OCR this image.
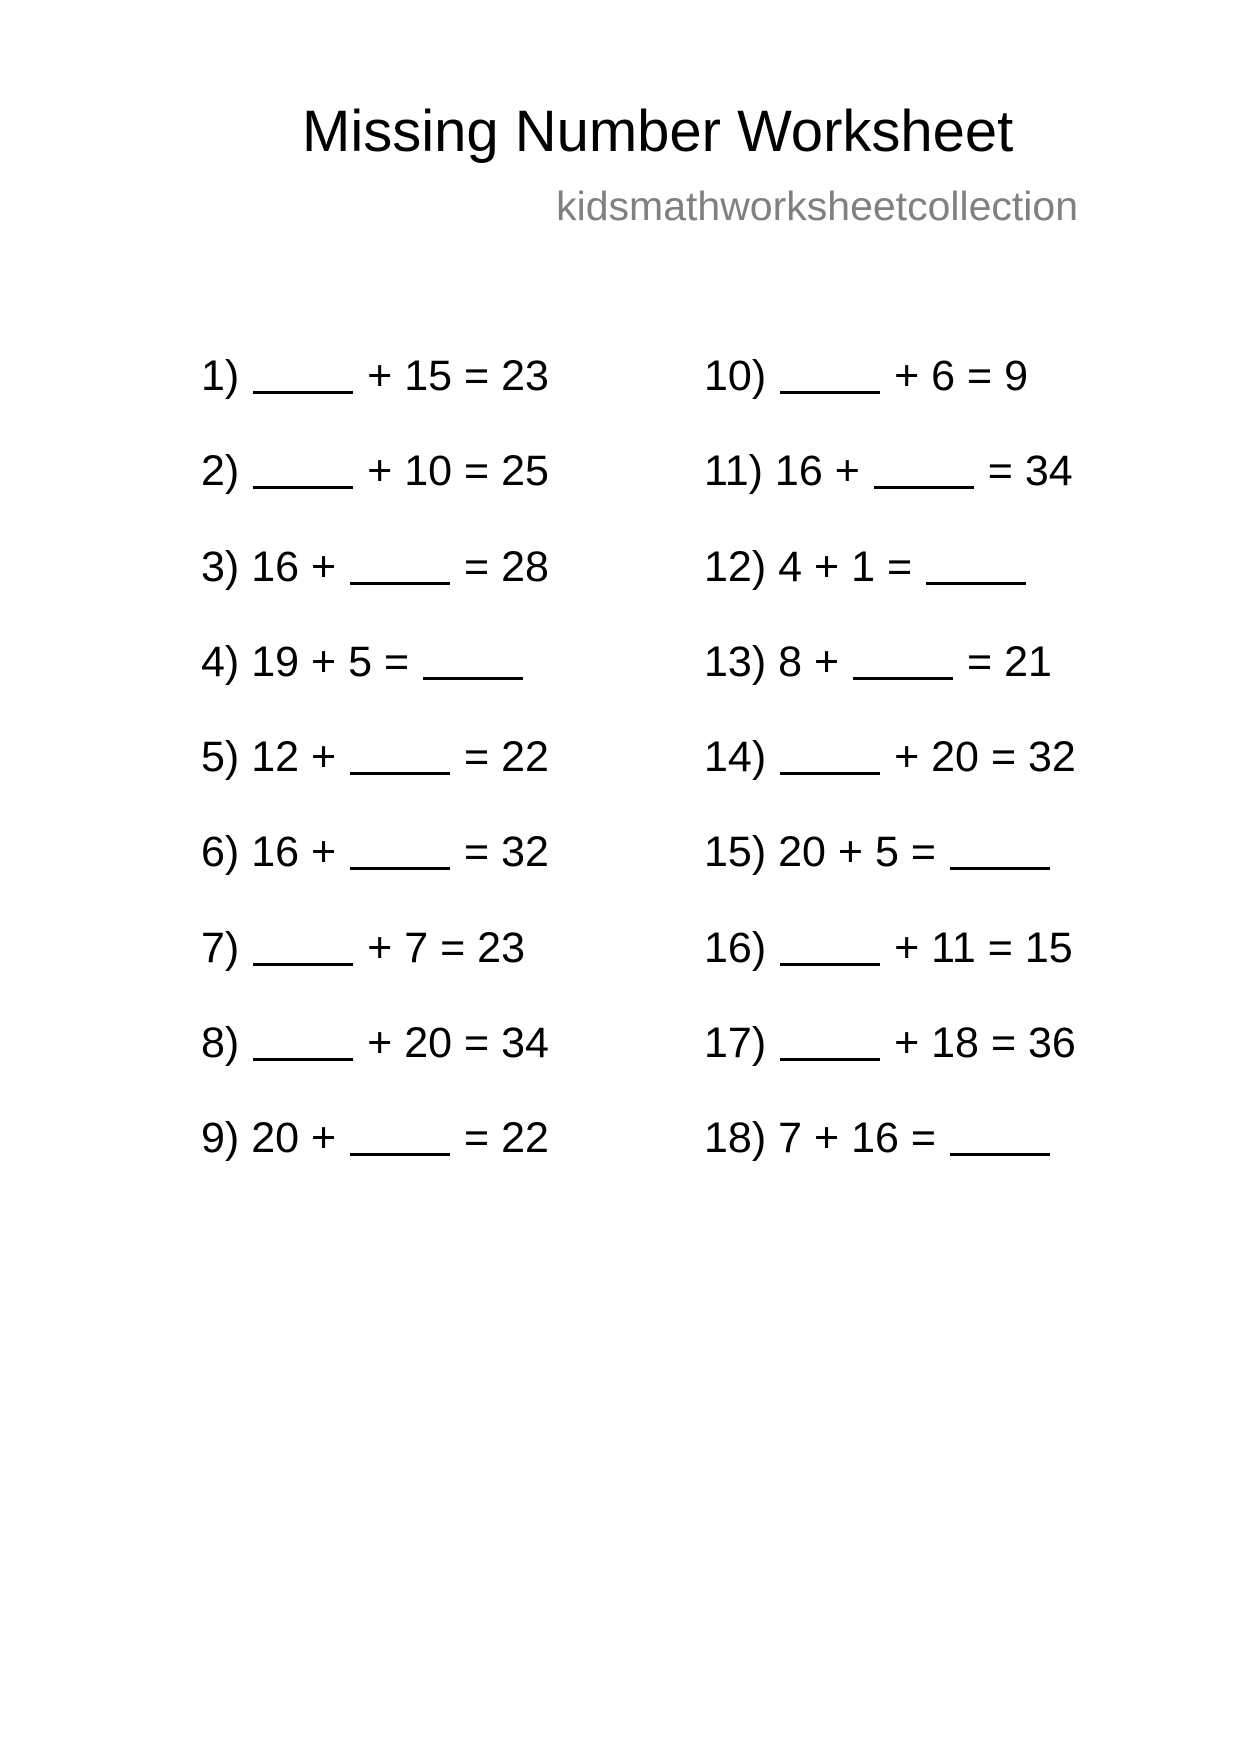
Missing Number Worksheet
kidsmathworksheetcollection
1)	+ 15 = 23
2)	+ 10 = 25
3) 16 +	= 28
4) 19 + 5 =
5) 12 +	= 22
6) 16 +	= 32
7)	+ 7 = 23
8)	+ 20 = 34
9) 20 +	= 22
10)	+ 6 = 9
11) 16 +	= 34
12) 4 + 1 =
13) 8 +	= 21
14)	+ 20 = 32
15) 20 + 5 =
16)	+ 11 = 15
17)	+ 18 = 36
18) 7 + 16 =
